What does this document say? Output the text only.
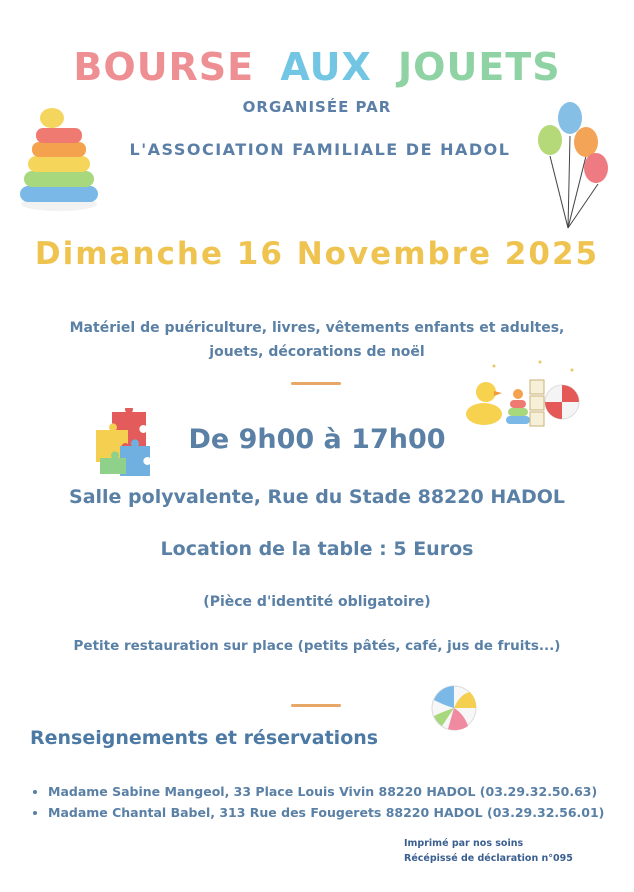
BOURSE AUX JOUETS
ORGANISÉE PAR
L'ASSOCIATION FAMILIALE DE HADOL
Dimanche 16 Novembre 2025
Matériel de puériculture, livres, vêtements enfants et adultes,
jouets, décorations de noël
De 9h00 à 17h00
Salle polyvalente, Rue du Stade 88220 HADOL
Location de la table : 5 Euros
(Pièce d'identité obligatoire)
Petite restauration sur place (petits pâtés, café, jus de fruits...)
Renseignements et réservations
• Madame Sabine Mangeol, 33 Place Louis Vivin 88220 HADOL (03.29.32.50.63)
• Madame Chantal Babel, 313 Rue des Fougerets 88220 HADOL (03.29.32.56.01)
Imprimé par nos soins
Récépissé de déclaration n°095
